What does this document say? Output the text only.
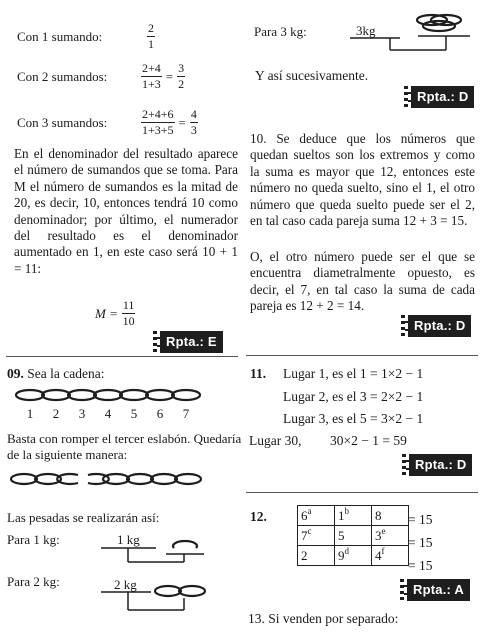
Con 1 sumando:	$\frac{2}{1}$
Con 2 sumandos:	$\frac{2+4}{1+3} = \frac{3}{2}$
Con 3 sumandos:	$\frac{2+4+6}{1+3+5} = \frac{4}{3}$
En el denominador del resultado aparece el número de sumandos que se toma. Para M el número de sumandos es la mitad de 20, es decir, 10, entonces tendrá 10 como denominador; por último, el numerador del resultado es el denominador aumentado en 1, en este caso será 10 + 1 = 11:
$M = \frac{11}{10}$
Rpta.: E
09. Sea la cadena:
1 2 3 4 5 6 7
Basta con romper el tercer eslabón. Quedaría de la siguiente manera:
Las pesadas se realizarán así:
Para 1 kg:	1 kg
Para 2 kg:	2 kg
Para 3 kg:	3kg
Y así sucesivamente.
Rpta.: D
10. Se deduce que los números que quedan sueltos son los extremos y como la suma es mayor que 12, entonces este número no queda suelto, sino el 1, el otro número que queda suelto puede ser el 2, en tal caso cada pareja suma 12 + 3 = 15.
O, el otro número puede ser el que se encuentra diametralmente opuesto, es decir, el 7, en tal caso la suma de cada pareja es 12 + 2 = 14.
Rpta.: D
11. Lugar 1, es el 1 = 1×2 − 1
Lugar 2, es el 3 = 2×2 − 1
Lugar 3, es el 5 = 3×2 − 1
Lugar 30, 30×2 − 1 = 59
Rpta.: D
12.	6 a	1 b	8

7 c	5	3 e

2	9 d	4 f
= 15
= 15
= 15
Rpta.: A
13. Si venden por separado:
